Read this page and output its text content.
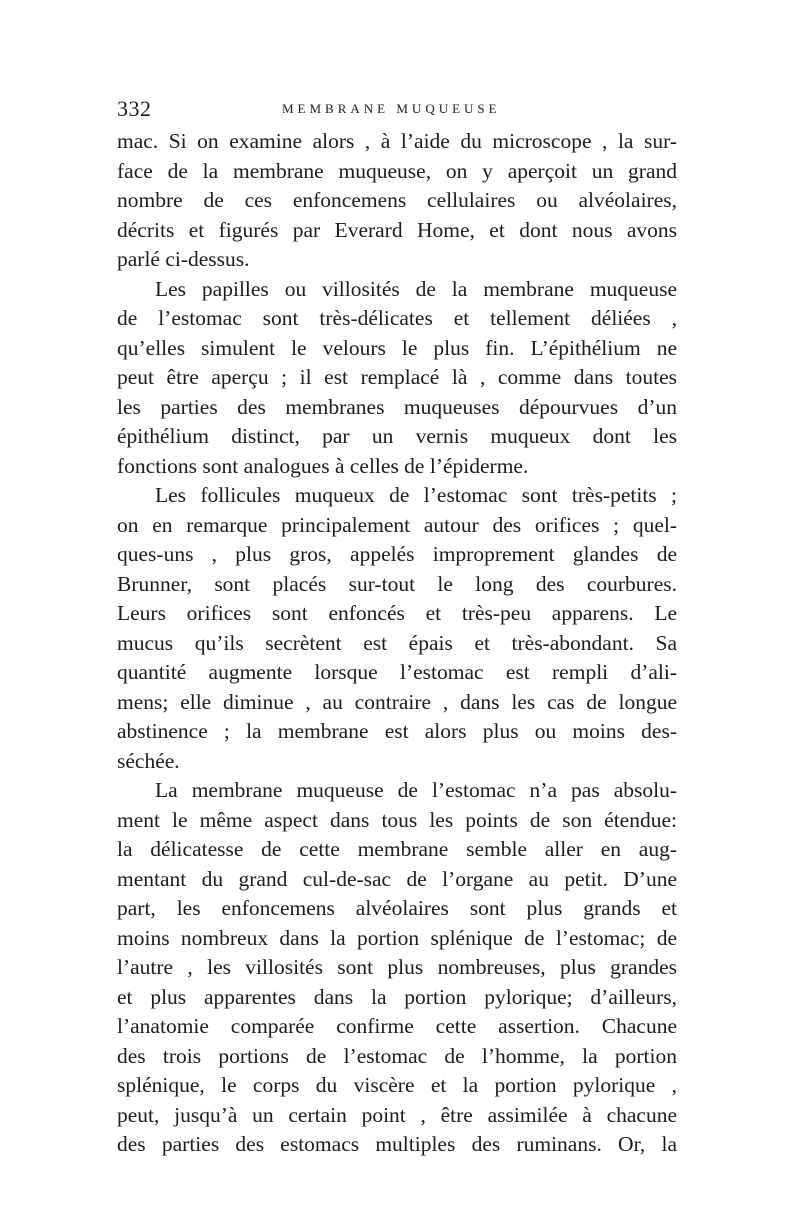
332	MEMBRANE MUQUEUSE
mac. Si on examine alors , à l’aide du microscope , la sur-
face de la membrane muqueuse, on y aperçoit un grand
nombre de ces enfoncemens cellulaires ou alvéolaires,
décrits et figurés par Everard Home, et dont nous avons
parlé ci-dessus.
Les papilles ou villosités de la membrane muqueuse
de l’estomac sont très-délicates et tellement déliées ,
qu’elles simulent le velours le plus fin. L’épithélium ne
peut être aperçu ; il est remplacé là , comme dans toutes
les parties des membranes muqueuses dépourvues d’un
épithélium distinct, par un vernis muqueux dont les
fonctions sont analogues à celles de l’épiderme.
Les follicules muqueux de l’estomac sont très-petits ;
on en remarque principalement autour des orifices ; quel-
ques-uns , plus gros, appelés improprement glandes de
Brunner, sont placés sur-tout le long des courbures.
Leurs orifices sont enfoncés et très-peu apparens. Le
mucus qu’ils secrètent est épais et très-abondant. Sa
quantité augmente lorsque l’estomac est rempli d’ali-
mens; elle diminue , au contraire , dans les cas de longue
abstinence ; la membrane est alors plus ou moins des-
séchée.
La membrane muqueuse de l’estomac n’a pas absolu-
ment le même aspect dans tous les points de son étendue:
la délicatesse de cette membrane semble aller en aug-
mentant du grand cul-de-sac de l’organe au petit. D’une
part, les enfoncemens alvéolaires sont plus grands et
moins nombreux dans la portion splénique de l’estomac; de
l’autre , les villosités sont plus nombreuses, plus grandes
et plus apparentes dans la portion pylorique; d’ailleurs,
l’anatomie comparée confirme cette assertion. Chacune
des trois portions de l’estomac de l’homme, la portion
splénique, le corps du viscère et la portion pylorique ,
peut, jusqu’à un certain point , être assimilée à chacune
des parties des estomacs multiples des ruminans. Or, la
